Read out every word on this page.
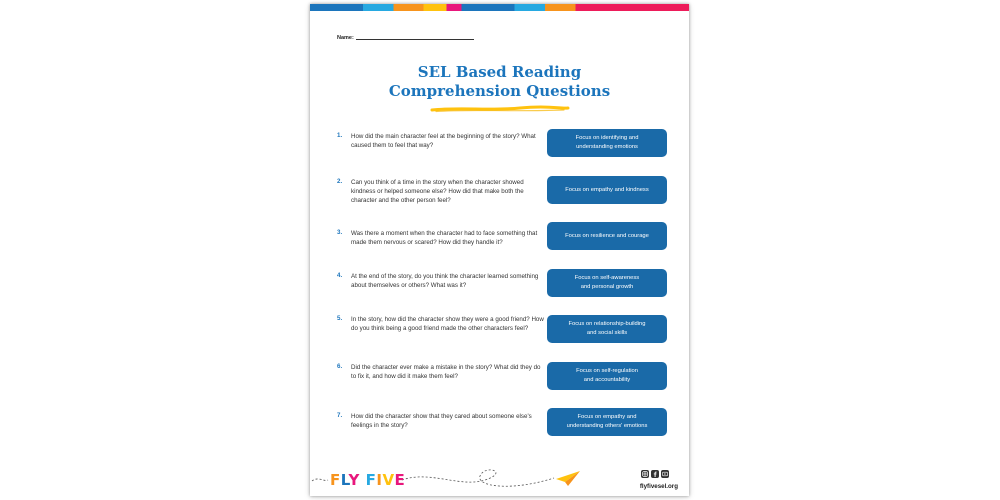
Name:
SEL Based Reading
Comprehension Questions
1. How did the main character feel at the beginning of the story? What caused them to feel that way?
Focus on identifying and
understanding emotions
2. Can you think of a time in the story when the character showed kindness or helped someone else? How did that make both the character and the other person feel?
Focus on empathy and kindness
3. Was there a moment when the character had to face something that made them nervous or scared? How did they handle it?
Focus on resilience and courage
4. At the end of the story, do you think the character learned something about themselves or others? What was it?
Focus on self-awareness
and personal growth
5. In the story, how did the character show they were a good friend? How do you think being a good friend made the other characters feel?
Focus on relationship-building
and social skills
6. Did the character ever make a mistake in the story? What did they do to fix it, and how did it make them feel?
Focus on self-regulation
and accountability
7. How did the character show that they cared about someone else's feelings in the story?
Focus on empathy and
understanding others' emotions
FLY FIVE	flyfivesel.org
